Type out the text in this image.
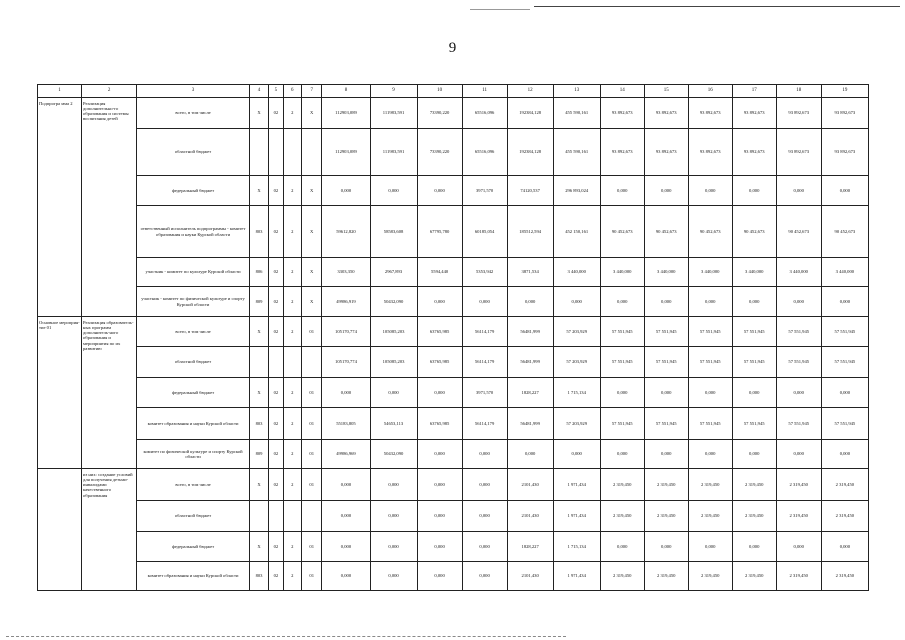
9
1	2	3	4	5	6	7	8	9	10	11	12	13	14	15	16	17	18	19
Подпрогра мма 2	Реализация дополнительно-го образования и системы воспитания детей	всего, в том числе	Х	02	2	Х	112903,089	111983,591	73390,220	65516,096	192384,128	455 590,161	93 892,673	93 892,673	93 892,673	93 892,673	93 892,673	93 892,673
		областной бюджет					112903,089	111983,591	73390,220	65516,096	192384,128	455 590,161	93 892,673	93 892,673	93 892,673	93 892,673	93 892,673	93 892,673
		федеральный бюджет	Х	02	2	Х	0,000	0,000	0,000	3971,570	74120,537	296 893,024	0,000	0,000	0,000	0,000	0,000	0,000
		ответственный исполнитель подпрограммы - комитет образования и науки Курской области	803	02	2	Х	59612,820	58583,608	67795,780	60185,054	185512,594	452 150,161	90 452,673	90 452,673	90 452,673	90 452,673	90 452,673	90 452,673
		участник - комитет по культуре Курской области	806	02	2	Х	3303,350	2967,893	5594,440	5353,942	3871,534	3 440,000	3 440,000	3 440,000	3 440,000	3 440,000	3 440,000	3 440,000
		участник - комитет по физической культуре и спорту Курской области	809	02	2	Х	49986,919	50432,090	0,000	0,000	0,000	0,000	0,000	0,000	0,000	0,000	0,000	0,000
Основное мероприя-тие 01	Реализация образователь-ных программ дополнитель-ного образования и мероприятия по их развитию	всего, в том числе	Х	02	2	01	105170,774	105085,203	63765,985	56114,179	56481,999	57 203,929	57 551,945	57 551,945	57 551,945	57 551,945	57 551,945	57 551,945
		областной бюджет					105170,774	105085,203	63765,985	56114,179	56481,999	57 203,929	57 551,945	57 551,945	57 551,945	57 551,945	57 551,945	57 551,945
		федеральный бюджет	Х	02	2	01	0,000	0,000	0,000	3971,570	1828,227	1 715,134	0,000	0,000	0,000	0,000	0,000	0,000
		комитет образования и науки Курской области	803	02	2	01	55183,805	54653,113	63765,985	56114,179	56481,999	57 203,929	57 551,945	57 551,945	57 551,945	57 551,945	57 551,945	57 551,945
		комитет по физической культуре и спорту Курской области	809	02	2	01	49986,969	50432,090	0,000	0,000	0,000	0,000	0,000	0,000	0,000	0,000	0,000	0,000
	из них: создание условий для получения детьми-инвалидами качественного образования	всего, в том числе	Х	02	2	01	0,000	0,000	0,000	0,000	2101,430	1 971,434	2 319,450	2 319,450	2 319,450	2 319,450	2 319,450	2 319,450
		областной бюджет					0,000	0,000	0,000	0,000	2101,430	1 971,434	2 319,450	2 319,450	2 319,450	2 319,450	2 319,450	2 319,450
		федеральный бюджет	Х	02	2	01	0,000	0,000	0,000	0,000	1828,227	1 715,134	0,000	0,000	0,000	0,000	0,000	0,000
		комитет образования и науки Курской области	803	02	2	01	0,000	0,000	0,000	0,000	2101,430	1 971,434	2 319,450	2 319,450	2 319,450	2 319,450	2 319,450	2 319,450
